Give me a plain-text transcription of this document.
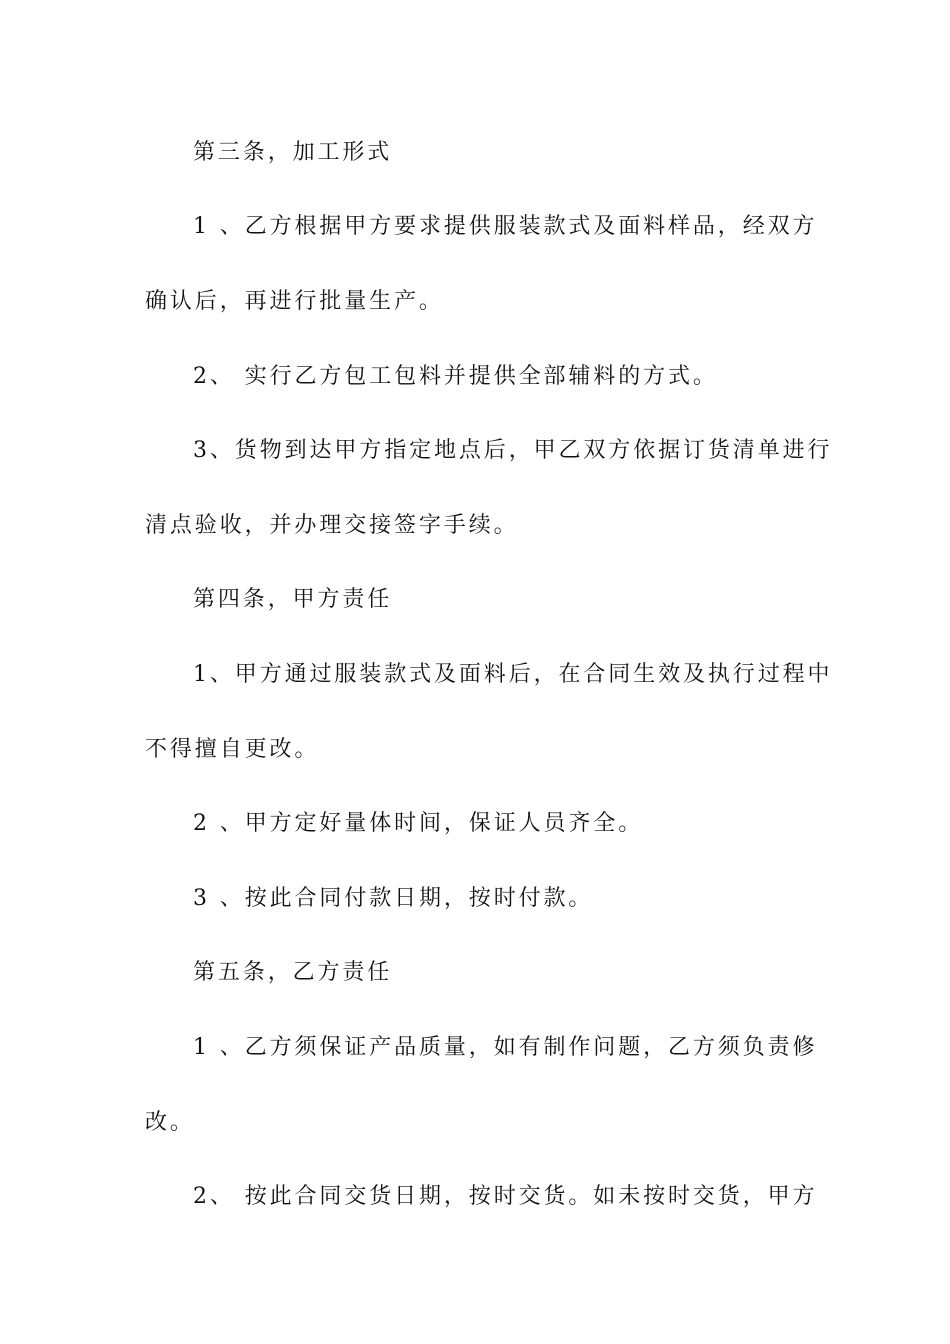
第三条，加工形式

1 、乙方根据甲方要求提供服装款式及面料样品，经双方

确认后，再进行批量生产。

2、 实行乙方包工包料并提供全部辅料的方式。

3、货物到达甲方指定地点后，甲乙双方依据订货清单进行

清点验收，并办理交接签字手续。

第四条，甲方责任

1、甲方通过服装款式及面料后，在合同生效及执行过程中

不得擅自更改。

2 、甲方定好量体时间，保证人员齐全。

3 、按此合同付款日期，按时付款。

第五条，乙方责任

1 、乙方须保证产品质量，如有制作问题，乙方须负责修

改。

2、 按此合同交货日期，按时交货。如未按时交货，甲方
